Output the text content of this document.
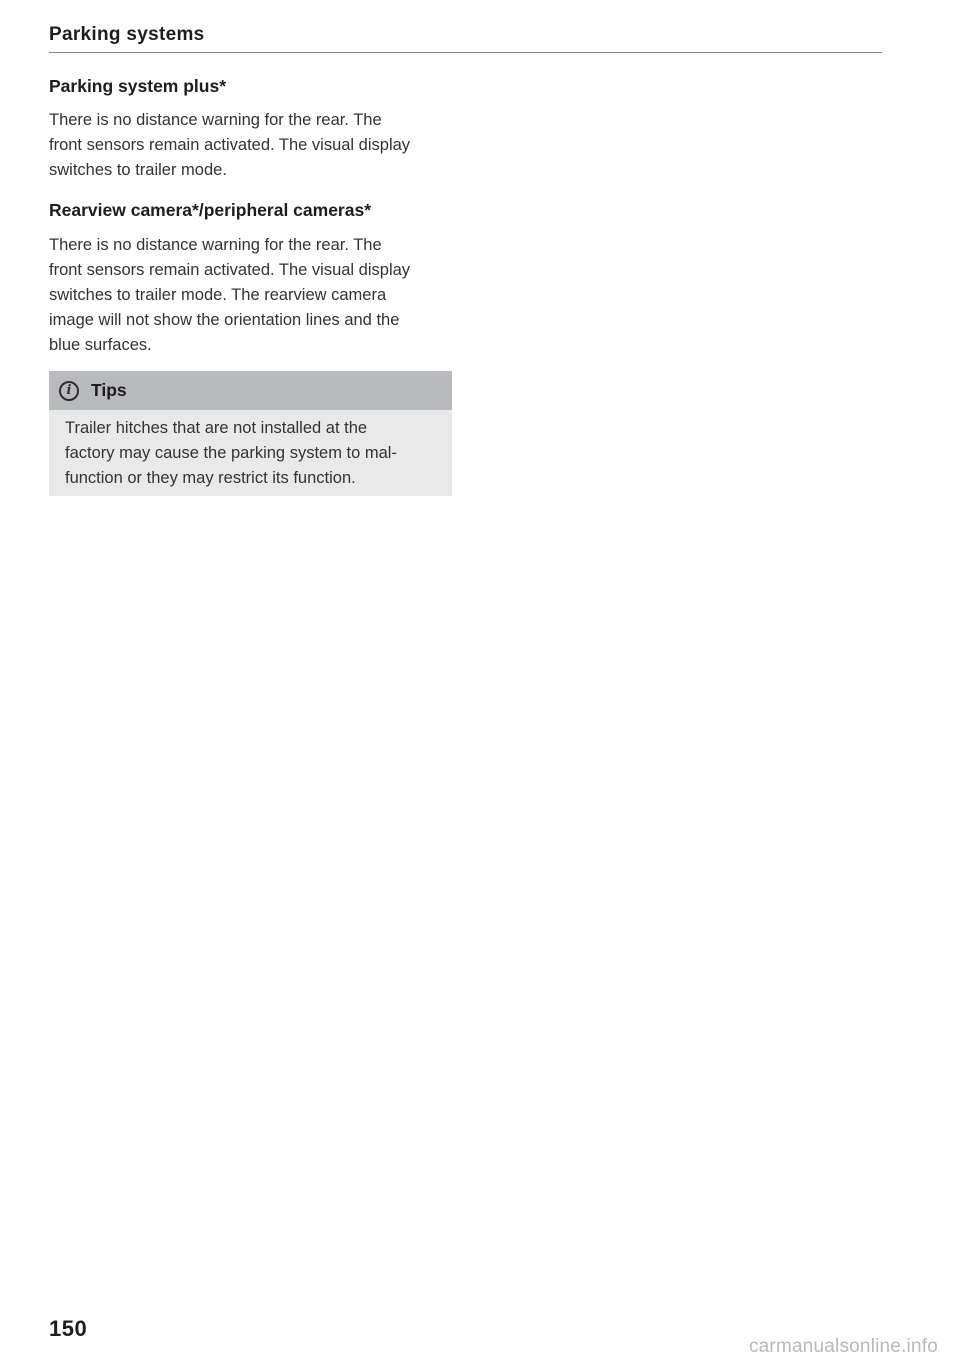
Parking systems
Parking system plus*

There is no distance warning for the rear. The
front sensors remain activated. The visual display
switches to trailer mode.

Rearview camera*/peripheral cameras*

There is no distance warning for the rear. The
front sensors remain activated. The visual display
switches to trailer mode. The rearview camera
image will not show the orientation lines and the
blue surfaces.

i	Tips
Trailer hitches that are not installed at the
factory may cause the parking system to mal-
function or they may restrict its function.
150
carmanualsonline.info
